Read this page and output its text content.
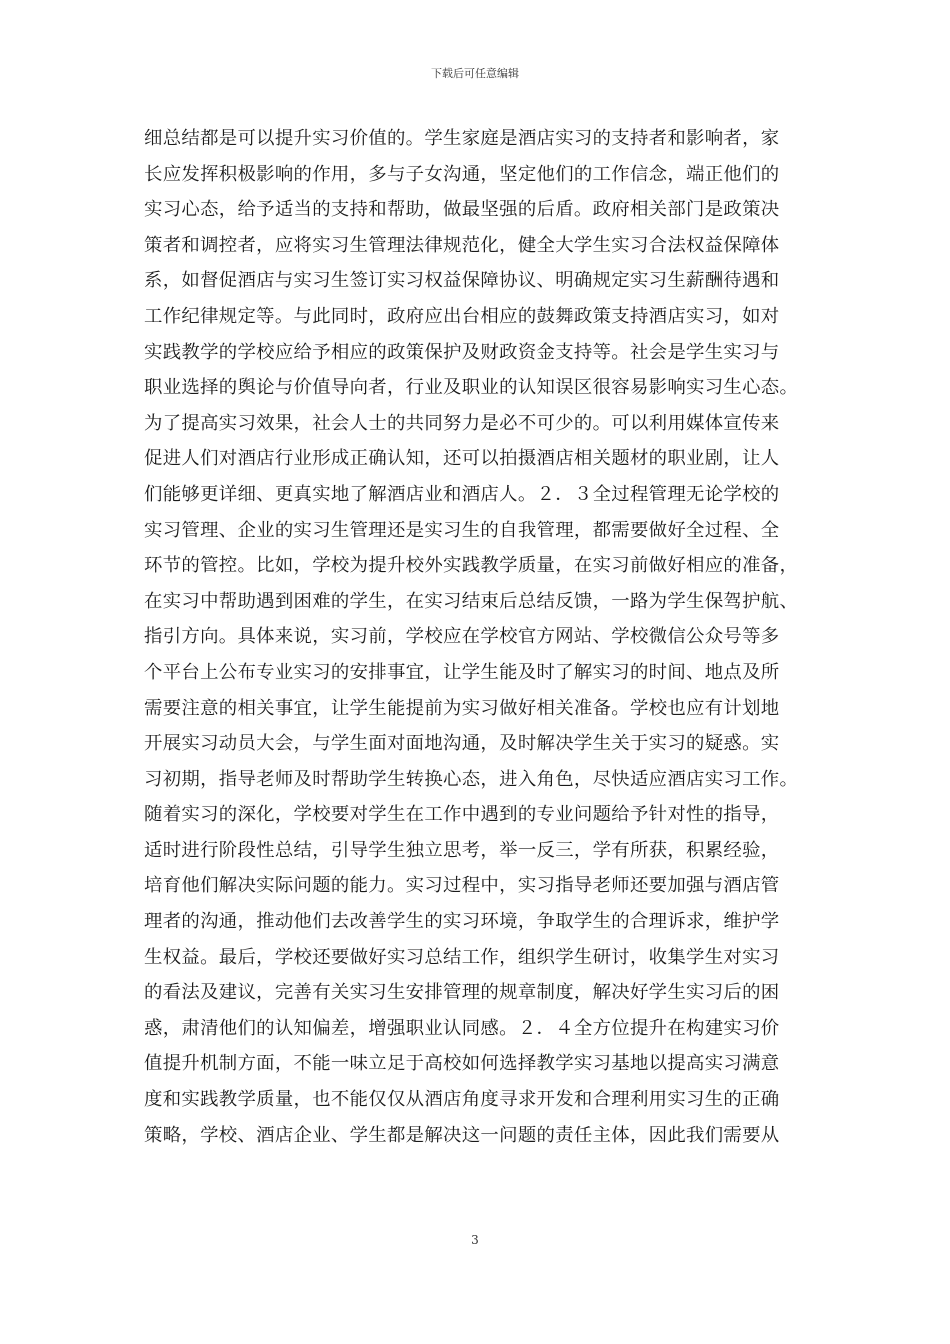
下载后可任意编辑
细总结都是可以提升实习价值的。学生家庭是酒店实习的支持者和影响者，家
长应发挥积极影响的作用，多与子女沟通，坚定他们的工作信念，端正他们的
实习心态，给予适当的支持和帮助，做最坚强的后盾。政府相关部门是政策决
策者和调控者，应将实习生管理法律规范化，健全大学生实习合法权益保障体
系，如督促酒店与实习生签订实习权益保障协议、明确规定实习生薪酬待遇和
工作纪律规定等。与此同时，政府应出台相应的鼓舞政策支持酒店实习，如对
实践教学的学校应给予相应的政策保护及财政资金支持等。社会是学生实习与
职业选择的舆论与价值导向者，行业及职业的认知误区很容易影响实习生心态。
为了提高实习效果，社会人士的共同努力是必不可少的。可以利用媒体宣传来
促进人们对酒店行业形成正确认知，还可以拍摄酒店相关题材的职业剧，让人
们能够更详细、更真实地了解酒店业和酒店人。２．３全过程管理无论学校的
实习管理、企业的实习生管理还是实习生的自我管理，都需要做好全过程、全
环节的管控。比如，学校为提升校外实践教学质量，在实习前做好相应的准备，
在实习中帮助遇到困难的学生，在实习结束后总结反馈，一路为学生保驾护航、
指引方向。具体来说，实习前，学校应在学校官方网站、学校微信公众号等多
个平台上公布专业实习的安排事宜，让学生能及时了解实习的时间、地点及所
需要注意的相关事宜，让学生能提前为实习做好相关准备。学校也应有计划地
开展实习动员大会，与学生面对面地沟通，及时解决学生关于实习的疑惑。实
习初期，指导老师及时帮助学生转换心态，进入角色，尽快适应酒店实习工作。
随着实习的深化，学校要对学生在工作中遇到的专业问题给予针对性的指导，
适时进行阶段性总结，引导学生独立思考，举一反三，学有所获，积累经验，
培育他们解决实际问题的能力。实习过程中，实习指导老师还要加强与酒店管
理者的沟通，推动他们去改善学生的实习环境，争取学生的合理诉求，维护学
生权益。最后，学校还要做好实习总结工作，组织学生研讨，收集学生对实习
的看法及建议，完善有关实习生安排管理的规章制度，解决好学生实习后的困
惑，肃清他们的认知偏差，增强职业认同感。２．４全方位提升在构建实习价
值提升机制方面，不能一味立足于高校如何选择教学实习基地以提高实习满意
度和实践教学质量，也不能仅仅从酒店角度寻求开发和合理利用实习生的正确
策略，学校、酒店企业、学生都是解决这一问题的责任主体，因此我们需要从
3
